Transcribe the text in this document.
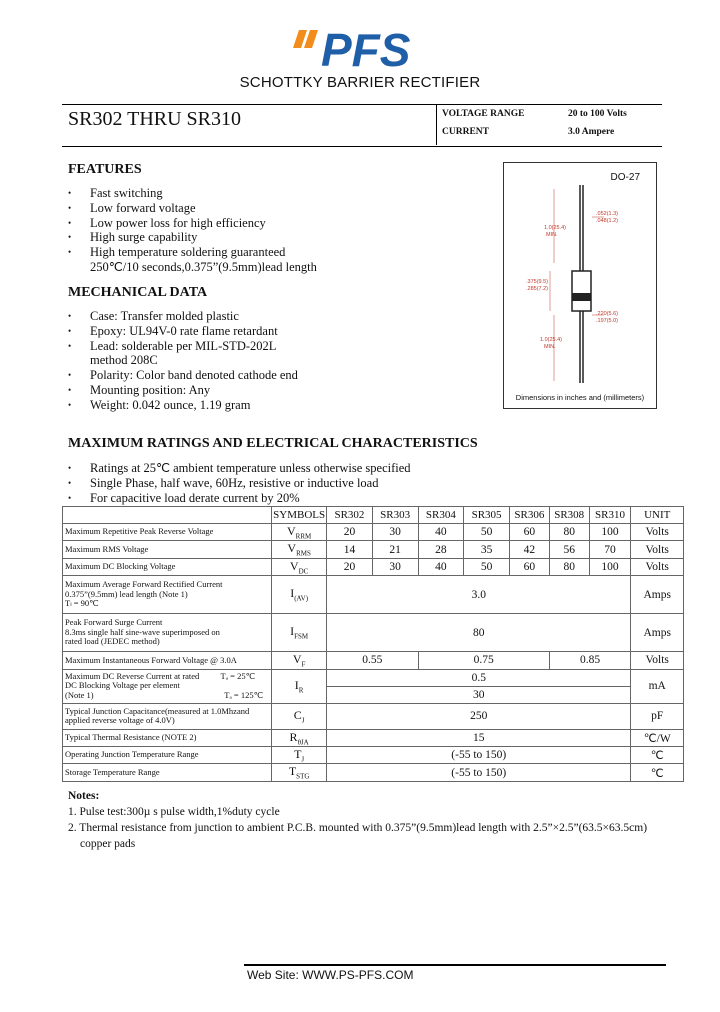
PFS
SCHOTTKY BARRIER RECTIFIER
SR302 THRU SR310	VOLTAGE RANGE	20 to 100 Volts
CURRENT	3.0 Ampere
FEATURES
• Fast switching
• Low forward voltage
• Low power loss for high efficiency
• High surge capability
• High temperature soldering guaranteed
250℃/10 seconds,0.375”(9.5mm)lead length
MECHANICAL DATA
• Case: Transfer molded plastic
• Epoxy: UL94V-0 rate flame retardant
• Lead: solderable per MIL-STD-202L
method 208C
• Polarity: Color band denoted cathode end
• Mounting position: Any
• Weight: 0.042 ounce, 1.19 gram
1.0(25.4)
MIN.
.052(1.3)
.048(1.2)
.375(9.5)
.285(7.2)
.220(5.6)
.197(5.0)
1.0(25.4)
MIN.
DO-27
Dimensions in inches and (millimeters)
MAXIMUM RATINGS AND ELECTRICAL CHARACTERISTICS
• Ratings at 25℃ ambient temperature unless otherwise specified
• Single Phase, half wave, 60Hz, resistive or inductive load
• For capacitive load derate current by 20%
	SYMBOLS	SR302	SR303	SR304	SR305	SR306	SR308	SR310	UNIT
Maximum Repetitive Peak Reverse Voltage	$V_{RRM}$	20	30	40	50	60	80	100	Volts
Maximum RMS Voltage	$V_{RMS}$	14	21	28	35	42	56	70	Volts
Maximum DC Blocking Voltage	$V_{DC}$	20	30	40	50	60	80	100	Volts

Maximum Average Forward Rectified Current
0.375”(9.5mm) lead length (Note 1)
Tₗ = 90℃	$I_{(AV)}$	3.0							Amps

Peak Forward Surge Current
8.3ms single half sine-wave superimposed on
rated load (JEDEC method)	$I_{FSM}$	80							Amps
Maximum Instantaneous Forward Voltage @ 3.0A	$V_F$	0.55		0.75			0.85		Volts

Maximum DC Reverse Current at rated
DC Blocking Voltage per element
(Note 1)
Tₐ = 25℃
Tₐ = 125℃	$I_R$	0.5							mA
		30							

Typical Junction Capacitance(measured at 1.0Mhzand
applied reverse voltage of 4.0V)	$C_J$	250							pF
Typical Thermal Resistance (NOTE 2)	$R_{\theta JA}$	15							℃/W
Operating Junction Temperature Range	$T_J$	(-55 to 150)							℃
Storage Temperature Range	$T_{STG}$	(-55 to 150)							℃
Notes:
1. Pulse test:300µ s pulse width,1%duty cycle
2. Thermal resistance from junction to ambient P.C.B. mounted with 0.375”(9.5mm)lead length with 2.5”×2.5”(63.5×63.5cm)
copper pads
Web Site: WWW.PS-PFS.COM
